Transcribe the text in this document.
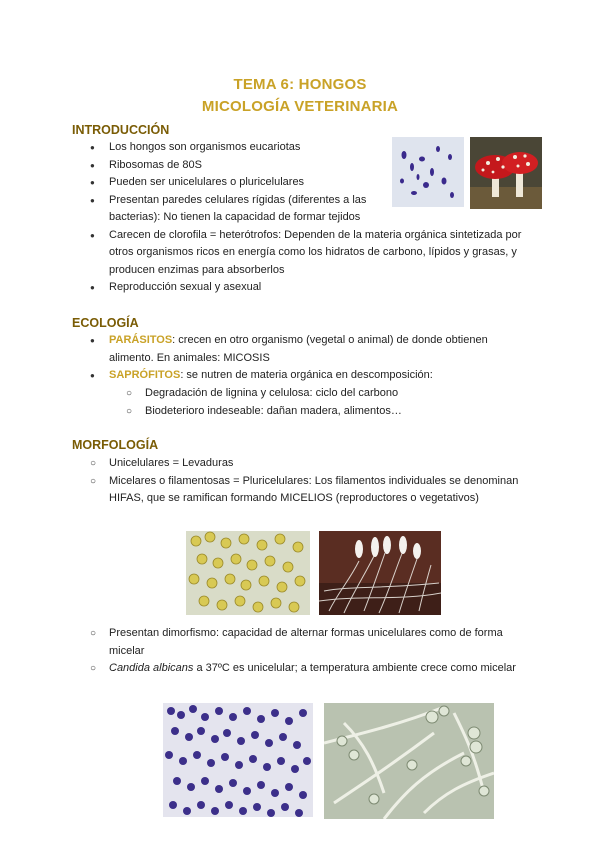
TEMA 6: HONGOS
MICOLOGÍA VETERINARIA
INTRODUCCIÓN
● Los hongos son organismos eucariotas
● Ribosomas de 80S
● Pueden ser unicelulares o pluricelulares
● Presentan paredes celulares rígidas (diferentes a las bacterias): No tienen la capacidad de formar tejidos
● Carecen de clorofila = heterótrofos: Dependen de la materia orgánica sintetizada por otros organismos ricos en energía como los hidratos de carbono, lípidos y grasas, y producen enzimas para absorberlos
● Reproducción sexual y asexual
ECOLOGÍA
● PARÁSITOS: crecen en otro organismo (vegetal o animal) de donde obtienen alimento. En animales: MICOSIS
● SAPRÓFITOS: se nutren de materia orgánica en descomposición:
○ Degradación de lignina y celulosa: ciclo del carbono
○ Biodeterioro indeseable: dañan madera, alimentos…
MORFOLOGÍA
○ Unicelulares = Levaduras
○ Micelares o filamentosas = Pluricelulares: Los filamentos individuales se denominan HIFAS, que se ramifican formando MICELIOS (reproductores o vegetativos)
○ Presentan dimorfismo: capacidad de alternar formas unicelulares como de forma micelar
○ Candida albicans a 37ºC es unicelular; a temperatura ambiente crece como micelar
